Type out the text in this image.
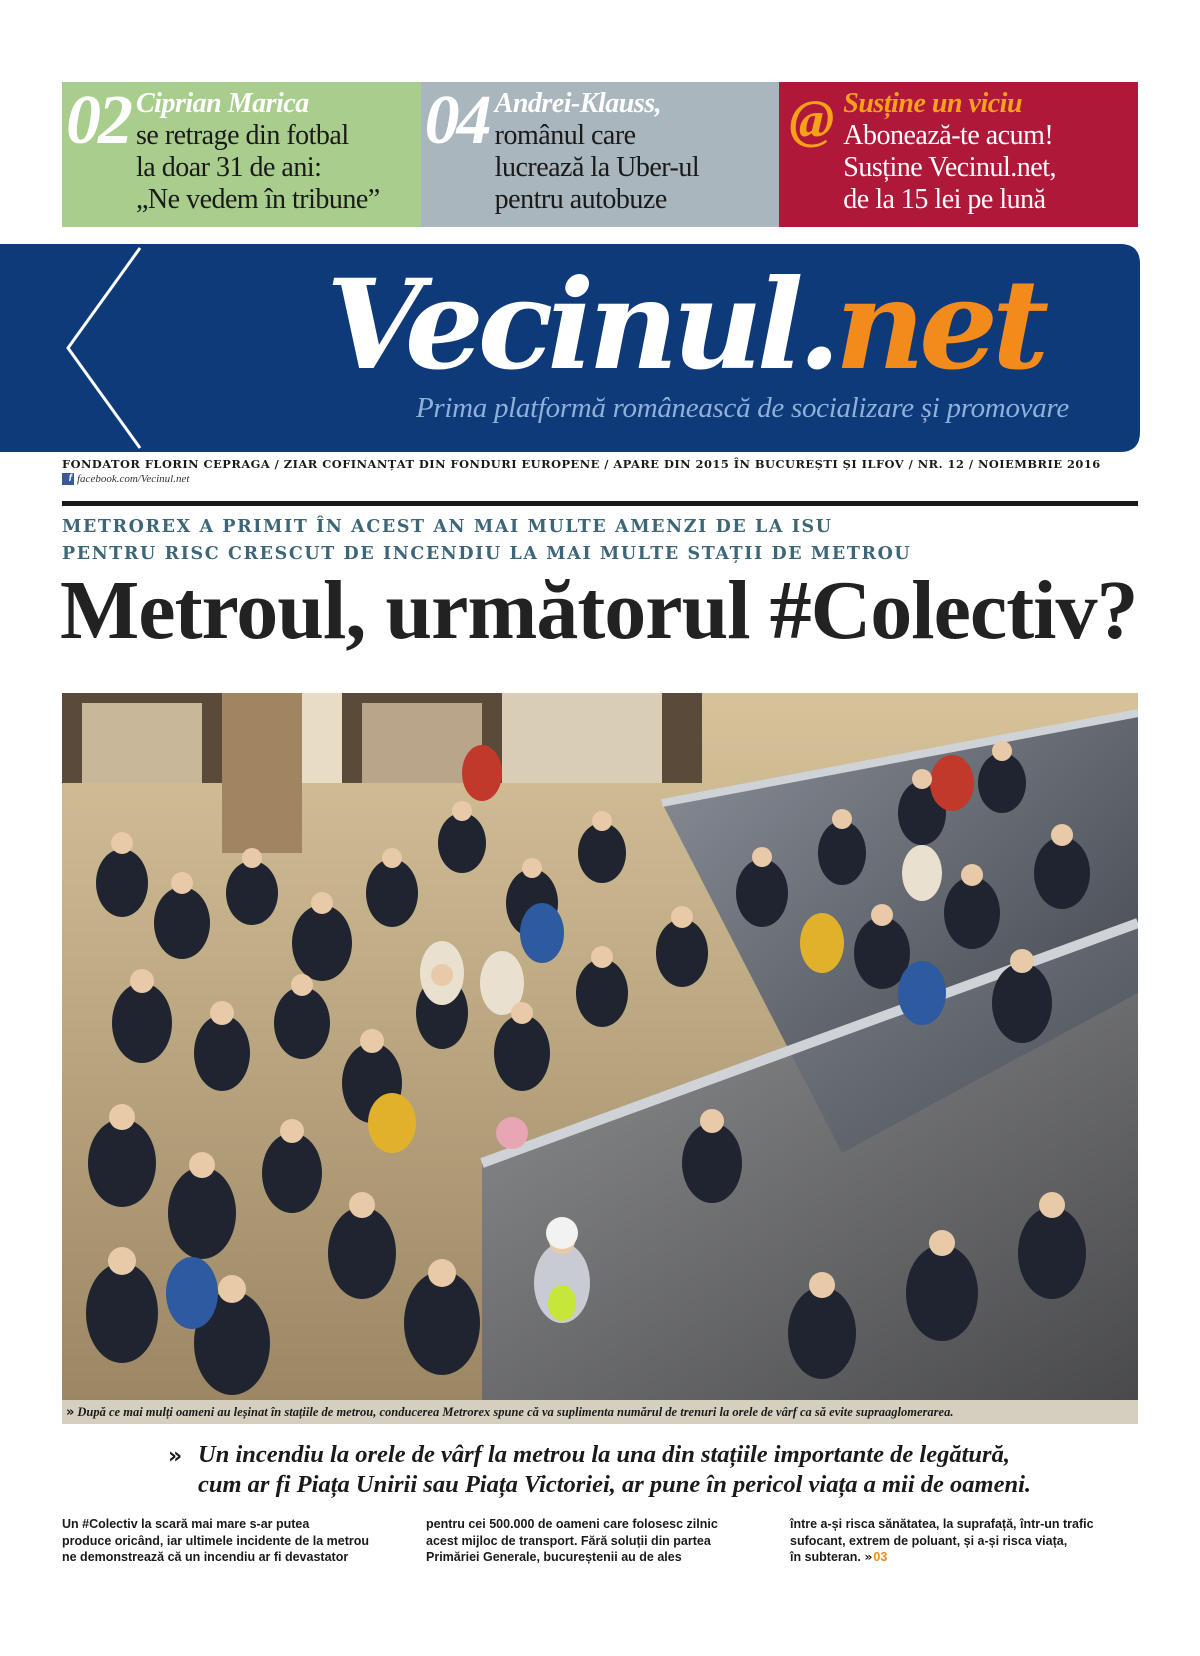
02 Ciprian Marica
se retrage din fotbal
la doar 31 de ani:
„Ne vedem în tribune”
04 Andrei-Klauss,
românul care
lucrează la Uber-ul
pentru autobuze
@ Susține un viciu
Abonează-te acum!
Susține Vecinul.net,
de la 15 lei pe lună
Vecinul.net
Prima platformă românească de socializare și promovare
FONDATOR FLORIN CEPRAGA / ZIAR COFINANȚAT DIN FONDURI EUROPENE / APARE DIN 2015 ÎN BUCUREȘTI ȘI ILFOV / NR. 12 / NOIEMBRIE 2016
f facebook.com/Vecinul.net
METROREX A PRIMIT ÎN ACEST AN MAI MULTE AMENZI DE LA ISU
PENTRU RISC CRESCUT DE INCENDIU LA MAI MULTE STAȚII DE METROU
Metroul, următorul #Colectiv?
» După ce mai mulți oameni au leșinat în stațiile de metrou, conducerea Metrorex spune că va suplimenta numărul de trenuri la orele de vârf ca să evite supraaglomerarea.
» Un incendiu la orele de vârf la metrou la una din stațiile importante de legătură,
cum ar fi Piața Unirii sau Piața Victoriei, ar pune în pericol viața a mii de oameni.
Un #Colectiv la scară mai mare s-ar putea
produce oricând, iar ultimele incidente de la metrou
ne demonstrează că un incendiu ar fi devastator
pentru cei 500.000 de oameni care folosesc zilnic
acest mijloc de transport. Fără soluții din partea
Primăriei Generale, bucureștenii au de ales
între a-și risca sănătatea, la suprafață, într-un trafic
sufocant, extrem de poluant, și a-și risca viața,
în subteran. » 03
